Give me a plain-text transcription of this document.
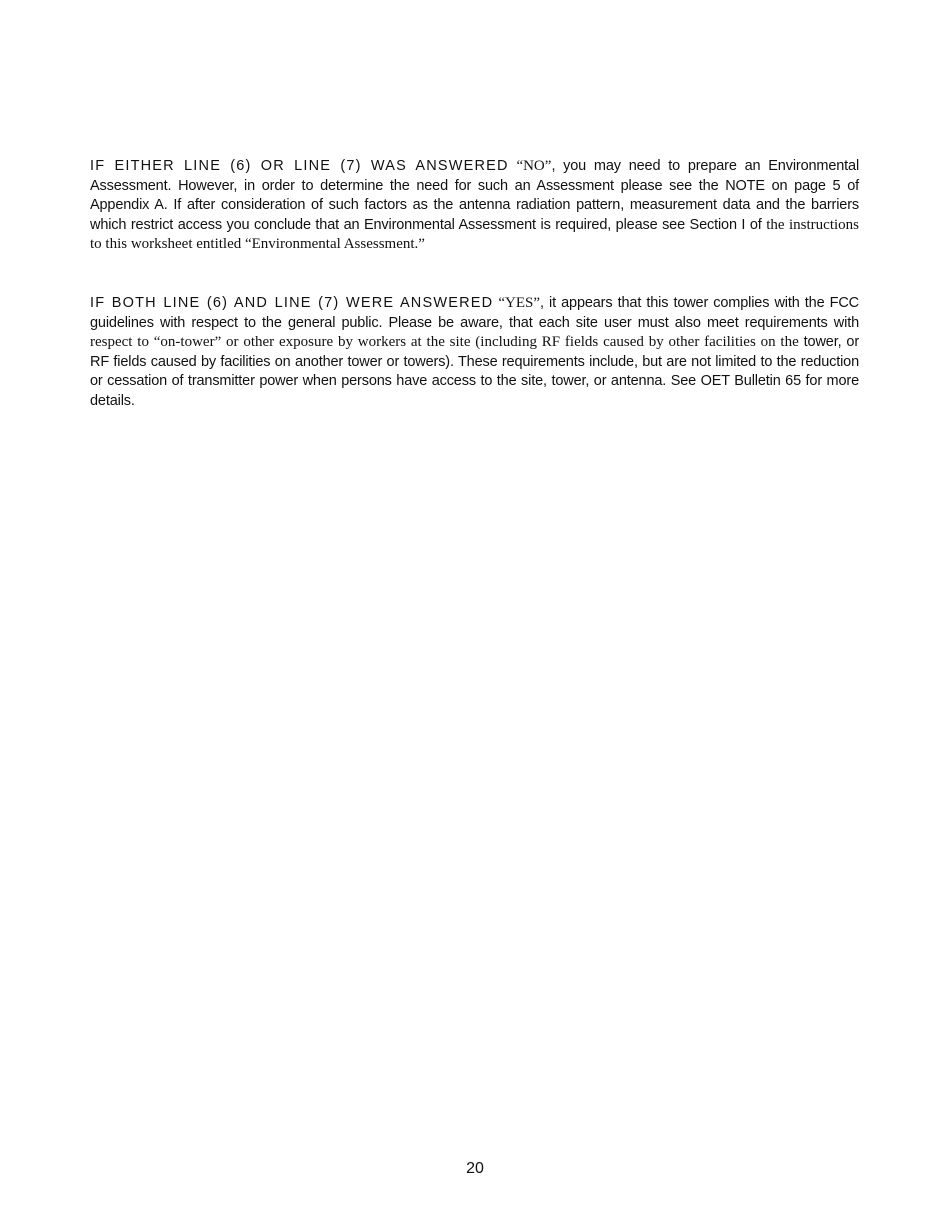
IF EITHER LINE (6) OR LINE (7) WAS ANSWERED “NO”, you may need to prepare an Environmental Assessment. However, in order to determine the need for such an Assessment please see the NOTE on page 5 of Appendix A. If after consideration of such factors as the antenna radiation pattern, measurement data and the barriers which restrict access you conclude that an Environmental Assessment is required, please see Section I of the instructions to this worksheet entitled “Environmental Assessment.”

IF BOTH LINE (6) AND LINE (7) WERE ANSWERED “YES”, it appears that this tower complies with the FCC guidelines with respect to the general public. Please be aware, that each site user must also meet requirements with respect to “on-tower” or other exposure by workers at the site (including RF fields caused by other facilities on the tower, or RF fields caused by facilities on another tower or towers). These requirements include, but are not limited to the reduction or cessation of transmitter power when persons have access to the site, tower, or antenna. See OET Bulletin 65 for more details.

20
